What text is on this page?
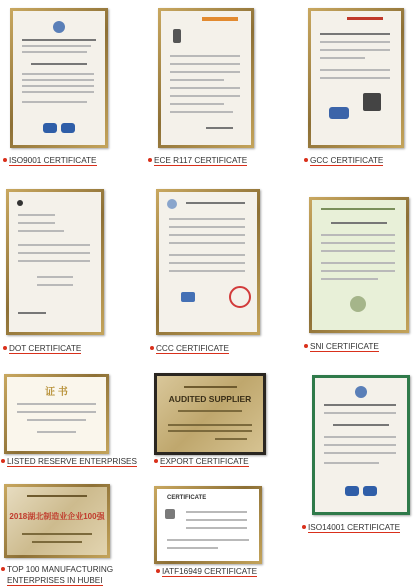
ISO9001 CERTIFICATE	ECE R117 CERTIFICATE	GCC CERTIFICATE
DOT CERTIFICATE	CCC CERTIFICATE	SNI CERTIFICATE
证 书
LISTED RESERVE ENTERPRISES
AUDITED SUPPLIER
EXPORT CERTIFICATE
ISO14001 CERTIFICATE
2018湖北制造业企业100强
TOP 100 MANUFACTURING
ENTERPRISES IN HUBEI
CERTIFICATE
IATF16949 CERTIFICATE
